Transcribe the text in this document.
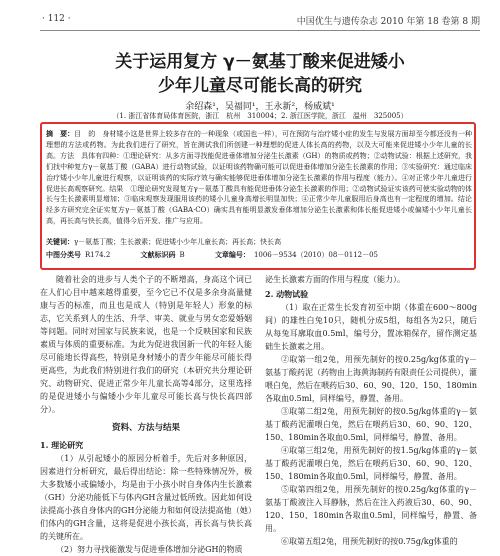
· 112 ·	中国优生与遗传杂志 2010 年第 18 卷第 8 期
关于运用复方 γ－氨基丁酸来促进矮小
少年儿童尽可能长高的研究
余绍森¹，吴福同¹，王永新²，杨威斌¹
（1. 浙江省体育局体育医院，浙江　杭州　310004；2. 浙江医学院，浙江　温州　325005）
摘　要：目　的　身材矮小这是世界上较多存在的一种现象（或国也一样），可在预防与治疗矮小症的发生与发展方面却至今都还没有一种理想的方法或药物。为此我们进行了研究，旨在测试我们所创建一种理想的促进人体长高的药物，以及大可能来促进矮小少年儿童的长高。方法　具体有四种：①理论研究：从多方面寻找能促进垂体增加分泌生长激素（GH）的物质或药物；②动物试验：根据上述研究，我们找中种复方γ－氨基丁酸（GABA）进行动物试验，以证明该药物确可能可以促进垂体增加分泌生长激素的作用；③实验研究：通过临床治疗矮小少年儿童进行观察，以证明该药的实际疗效与确实能够促进垂体增加分泌生长激素的作用与程度（能力）。④对正常少年儿童进行促进长高观察研究。结果　①理论研究发现复方γ－氨基丁酸具有能促进垂体分泌生长激素的作用；②动物试验证实该药可使实验动物的体长与生长激素明显增加；③临床观察发现服用该药的矮小儿童身高增长明显加快；④正常少年儿童服用后身高也有一定程度的增加。结论　经多方研究完全证实复方γ－氨基丁酸（GABA·CO）确实具有能明显激发垂体增加分泌生长激素和体长能促进矮小或偏矮小少年儿童长高，再长高与快长高，值得今后开发、推广与应用。
关键词：γ－氨基丁酸；生长激素；促进矮小少年儿童长高；再长高；快长高
中图分类号 R174.2	文献标识码 B	文章编号： 1006－9534（2010）08－0112－05

随着社会的进步与人类个子的不断增高，身高这个词已在人们心目中越来越得重要，至今它已不仅是多余身高量健康与否的标准，而且也是成人（特别是年轻人）形象的标志，它关系到人的生活、升学、审美、就业与男女恋爱婚姻等问题。同时对国家与民族来说，也是一个反映国家和民族素质与体质的重要标准。为此为促进我国新一代的年轻人能尽可能地长得高些，特别是身材矮小的青少年能尽可能长得更高些，为此我们特别进行我们的研究（本研究共分理论研究、动物研究、促进正常少年儿童长高等4部分，这里选择的是促进矮小与偏矮小少年儿童尽可能长高与快长高四部分）。

资料、方法与结果

1. 理论研究

（1）从引起矮小的原因分析着手，先后对多种原因，因素进行分析研究，最后得出结论：除一些特殊情况外，极大多数矮小或偏矮小，均是由于小孩小时自身体内生长激素（GH）分泌功能低下与体内GH含量过低所致。因此如何设法提高小孩自身体内的GH分泌能力和如何设法提高他（她）们体内的GH含量，这将是促进小孩长高，再长高与快长高的关键所在。

（2）努力寻找能激发与促进垂体增加分泌GH的物质

泌生长激素方面的作用与程度（能力）。

2. 动物试验

（1）取在正常生长发育初至中期（体重在600～800g间）的雄性白兔10只，随机分成5组，每组各为2只，随后从每兔耳廓取血0.5ml，编号分，置冰箱保存，留作测定基础生长激素之用。

②取第一组2兔，用预先制好的按0.25g/kg体重的γ－氨基丁酸药泥（药物由上海黄海制药有限责任公司提供），灌喂白兔，然后在喂药后30、60、90、120、150、180min各取血0.5ml，同样编号，静置、备用。

③取第二组2兔，用预先制好的按0.5g/kg体重的γ－氨基丁酸药泥灌喂白兔，然后在喂药后30、60、90、120、150、180min各取血0.5ml，同样编号，静置、备用。

④取第三组2兔，用预先制好的按1.5g/kg体重的γ－氨基丁酸药泥灌喂白兔，然后在喂药后30、60、90、120、150、180min各取血0.5ml，同样编号，静置、备用。

⑤取第四组2兔，用预先制好的按0.25g/kg体重的γ－氨基丁酸液注入耳静脉，然后在注入药液后30、60、90、120、150、180min各取血0.5ml，同样编号，静置、备用。

⑥取第五组2兔，用预先制好的按0.75g/kg体重的
